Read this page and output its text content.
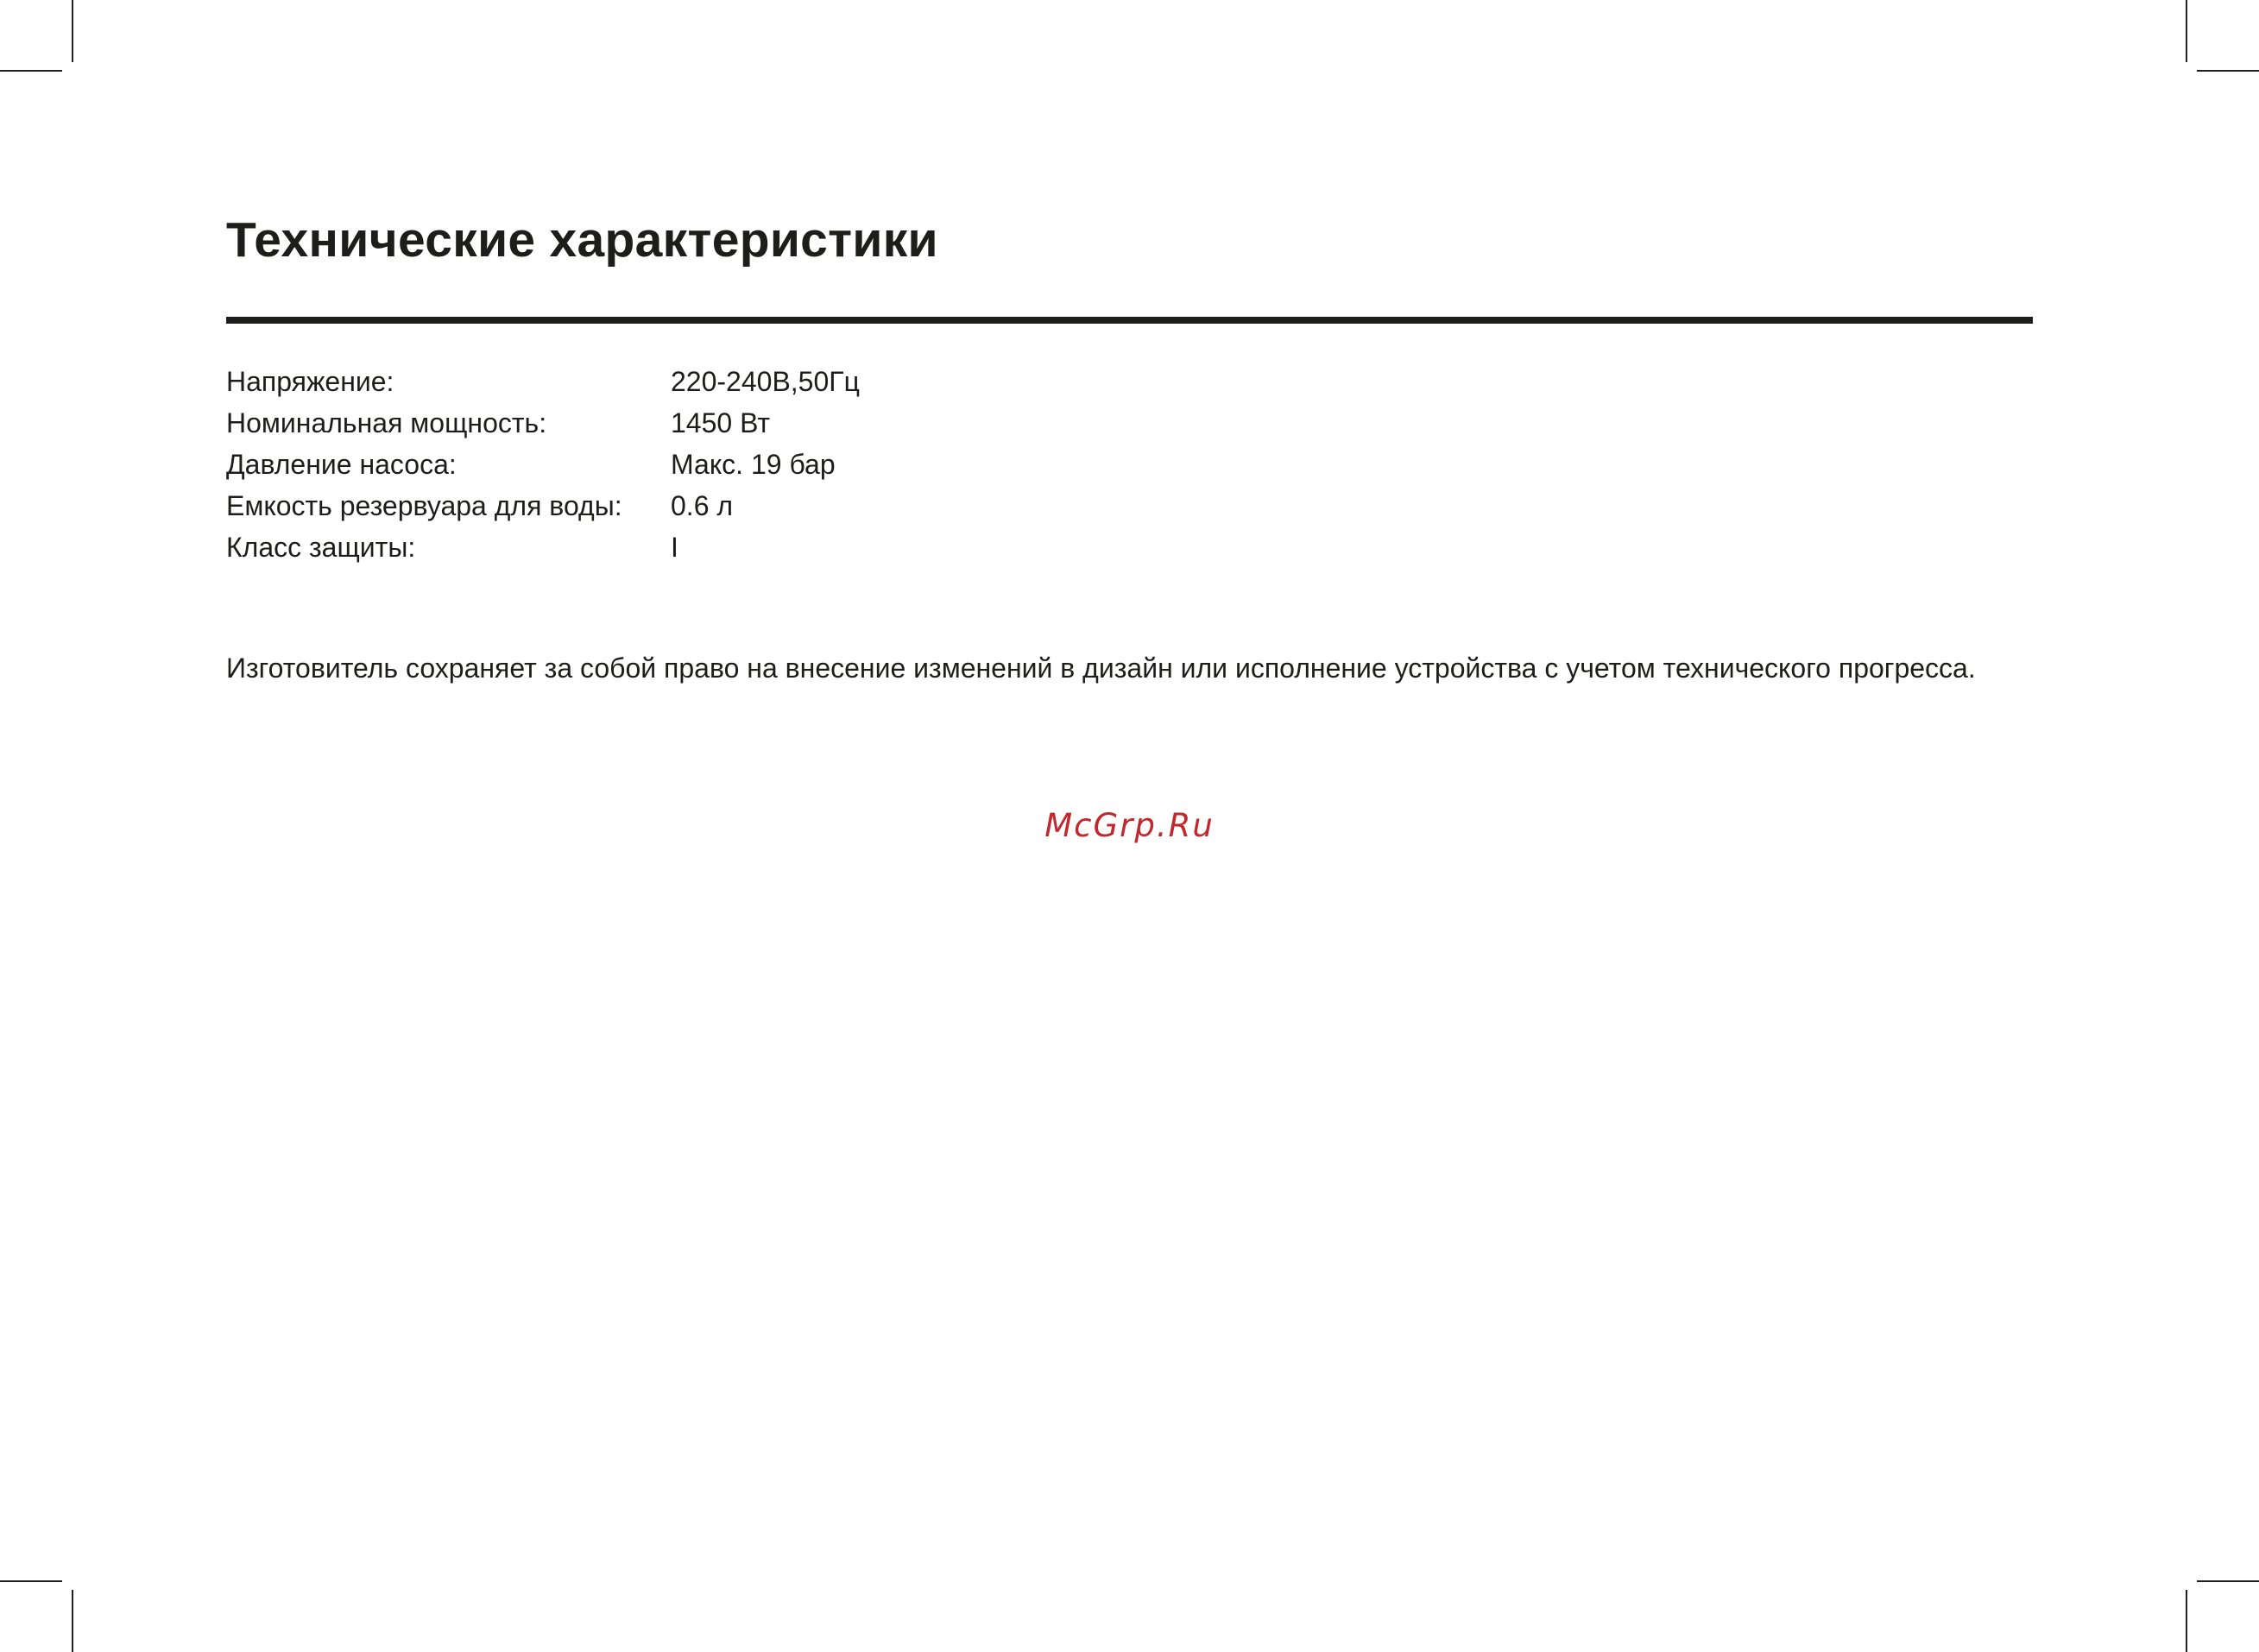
Технические характеристики
Напряжение:	220-240В,50Гц
Номинальная мощность:	1450 Вт
Давление насоса:	Макс. 19 бар
Емкость резервуара для воды:	0.6 л
Класс защиты:	I

Изготовитель сохраняет за собой право на внесение изменений в дизайн или исполнение устройства с учетом технического прогресса.

McGrp.Ru
